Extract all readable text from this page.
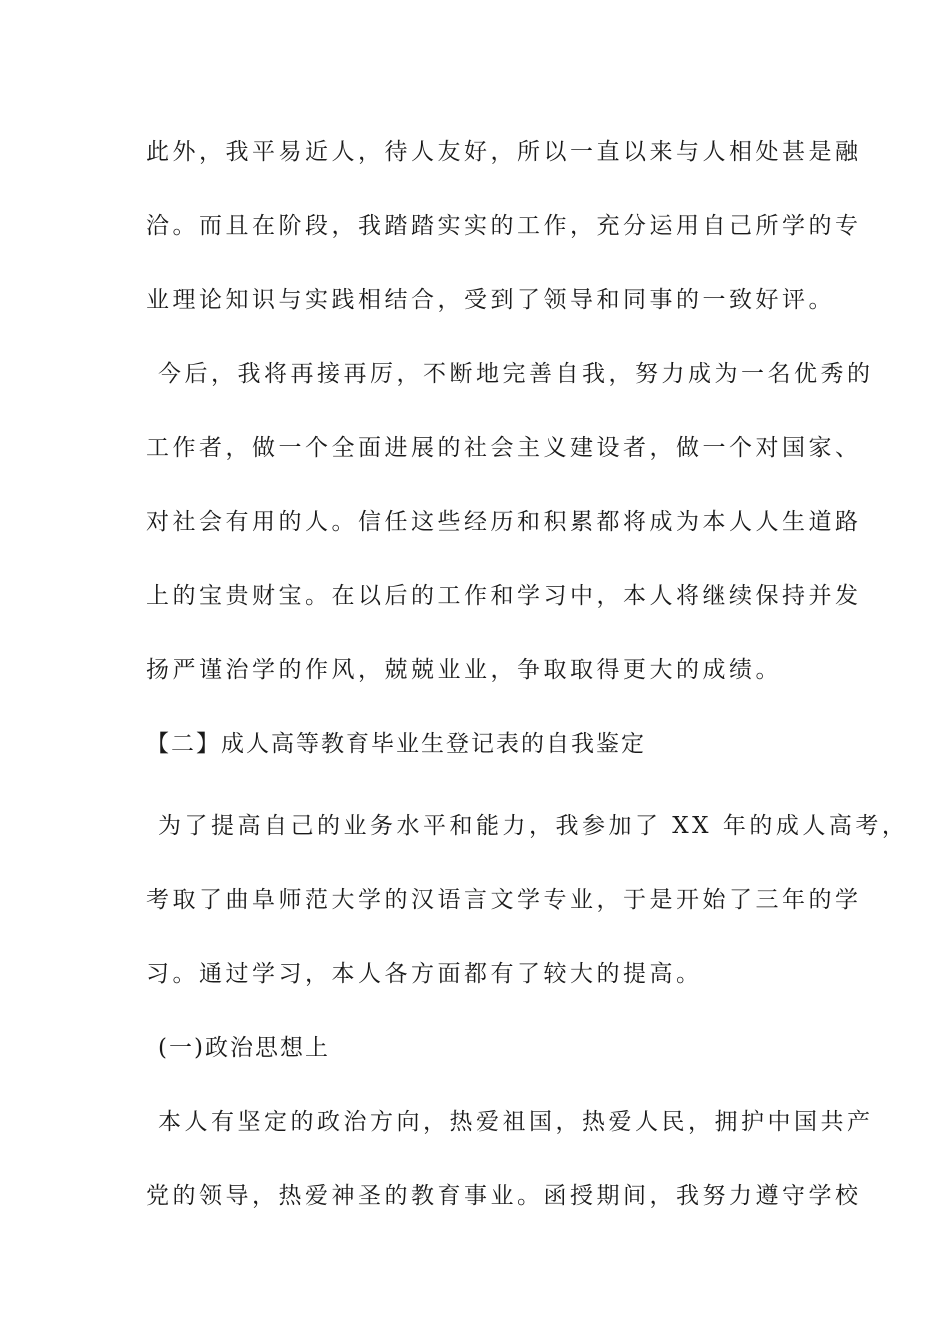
此外，我平易近人，待人友好，所以一直以来与人相处甚是融
洽。而且在阶段，我踏踏实实的工作，充分运用自己所学的专
业理论知识与实践相结合，受到了领导和同事的一致好评。
今后，我将再接再厉，不断地完善自我，努力成为一名优秀的
工作者，做一个全面进展的社会主义建设者，做一个对国家、
对社会有用的人。信任这些经历和积累都将成为本人人生道路
上的宝贵财宝。在以后的工作和学习中，本人将继续保持并发
扬严谨治学的作风，兢兢业业，争取取得更大的成绩。
【二】成人高等教育毕业生登记表的自我鉴定
为了提高自己的业务水平和能力，我参加了 XX 年的成人高考，
考取了曲阜师范大学的汉语言文学专业，于是开始了三年的学
习。通过学习，本人各方面都有了较大的提高。
(一)政治思想上
本人有坚定的政治方向，热爱祖国，热爱人民，拥护中国共产
党的领导，热爱神圣的教育事业。函授期间，我努力遵守学校
